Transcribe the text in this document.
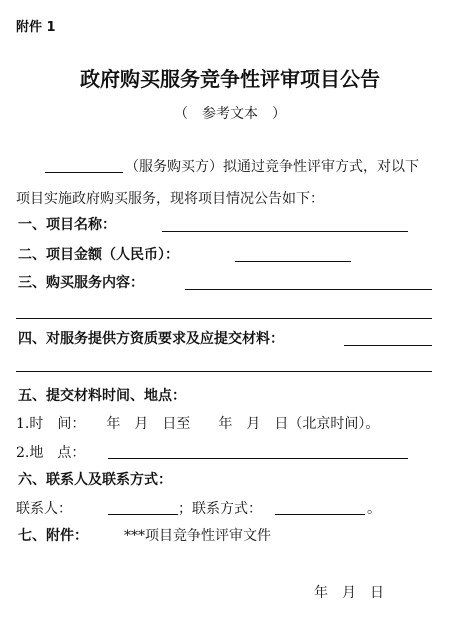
附件 1
政府购买服务竞争性评审项目公告
（　参考文本　）
（服务购买方）拟通过竞争性评审方式，对以下
项目实施政府购买服务，现将项目情况公告如下：
一、项目名称：
二、项目金额（人民币）：
三、购买服务内容：
四、对服务提供方资质要求及应提交材料：
五、提交材料时间、地点：
1.时　间：　　年　月　日至　　年　月　日（北京时间）。
2.地　点：
六、联系人及联系方式：
联系人：	；联系方式：	。
七、附件：	***项目竞争性评审文件
年　月　日
